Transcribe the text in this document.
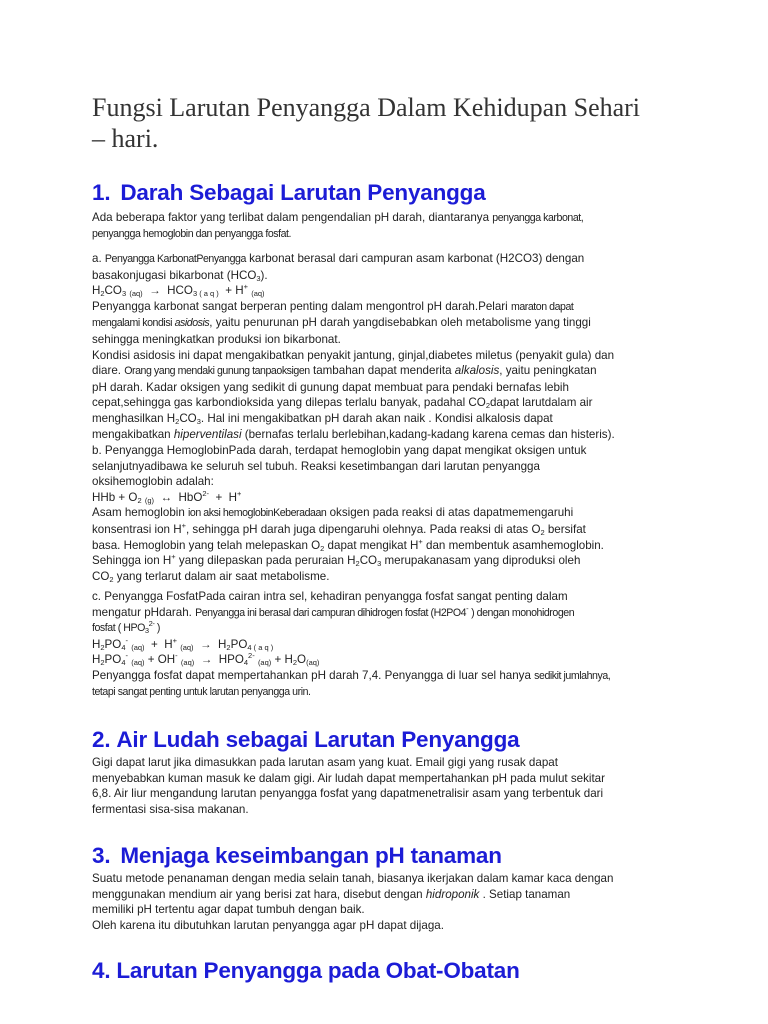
Fungsi Larutan Penyangga Dalam Kehidupan Sehari – hari.
1. Darah Sebagai Larutan Penyangga
Ada beberapa faktor yang terlibat dalam pengendalian pH darah, diantaranya penyangga karbonat,
penyangga hemoglobin dan penyangga fosfat.
a. Penyangga KarbonatPenyangga karbonat berasal dari campuran asam karbonat (H2CO3) dengan
basakonjugasi bikarbonat $(HCO_3)$.
$H_2CO_3$ $_{(aq)} \to HCO_{3 ( a q )} + H^+$ $_{(aq)}$
Penyangga karbonat sangat berperan penting dalam mengontrol pH darah.Pelari maraton dapat
mengalami kondisi asidosis, yaitu penurunan pH darah yangdisebabkan oleh metabolisme yang tinggi
sehingga meningkatkan produksi ion bikarbonat.
Kondisi asidosis ini dapat mengakibatkan penyakit jantung, ginjal,diabetes miletus (penyakit gula) dan
diare. Orang yang mendaki gunung tanpaoksigen tambahan dapat menderita alkalosis, yaitu peningkatan
pH darah. Kadar oksigen yang sedikit di gunung dapat membuat para pendaki bernafas lebih
cepat,sehingga gas karbondioksida yang dilepas terlalu banyak, padahal $CO_2dapat$ larutdalam air
menghasilkan $H_2CO_3$. Hal ini mengakibatkan pH darah akan naik . Kondisi alkalosis dapat
mengakibatkan hiperventilasi (bernafas terlalu berlebihan,kadang-kadang karena cemas dan histeris).
b. Penyangga HemoglobinPada darah, terdapat hemoglobin yang dapat mengikat oksigen untuk
selanjutnyadibawa ke seluruh sel tubuh. Reaksi kesetimbangan dari larutan penyangga
oksihemoglobin adalah:
HHb + $O_2$ $_{(g)}$  ↔  HbO$^{2-}$  +  H+
Asam hemoglobin ion aksi hemoglobinKeberadaan oksigen pada reaksi di atas dapatmemengaruhi
konsentrasi ion H+, sehingga pH darah juga dipengaruhi olehnya. Pada reaksi di atas $O_2$ bersifat
basa. Hemoglobin yang telah melepaskan $O_2$ dapat mengikat H+ dan membentuk asamhemoglobin.
Sehingga ion H+ yang dilepaskan pada peruraian $H_2CO_3$ merupakanasam yang diproduksi oleh
$CO_2$ yang terlarut dalam air saat metabolisme.
c. Penyangga FosfatPada cairan intra sel, kehadiran penyangga fosfat sangat penting dalam
mengatur pHdarah. Penyangga ini berasal dari campuran dihidrogen fosfat (H2PO4- ) dengan monohidrogen
fosfat ( $HPO_3^{2-}$ )
$H_2PO_4^-$ $_{(aq)}$  +  H+ $_{(aq)} \to H_2PO_{4 ( a q )}$
$H_2PO_4^-$ $_{(aq)}$ + OH- $_{(aq)} \to HPO_4^{2-}$ $_{(aq)} + H_2O_{(aq)}$
Penyangga fosfat dapat mempertahankan pH darah 7,4. Penyangga di luar sel hanya sedikit jumlahnya,
tetapi sangat penting untuk larutan penyangga urin.
2. Air Ludah sebagai Larutan Penyangga
Gigi dapat larut jika dimasukkan pada larutan asam yang kuat. Email gigi yang rusak dapat
menyebabkan kuman masuk ke dalam gigi. Air ludah dapat mempertahankan pH pada mulut sekitar
6,8. Air liur mengandung larutan penyangga fosfat yang dapatmenetralisir asam yang terbentuk dari
fermentasi sisa-sisa makanan.
3. Menjaga keseimbangan pH tanaman
Suatu metode penanaman dengan media selain tanah, biasanya ikerjakan dalam kamar kaca dengan
menggunakan mendium air yang berisi zat hara, disebut dengan hidroponik . Setiap tanaman
memiliki pH tertentu agar dapat tumbuh dengan baik.
Oleh karena itu dibutuhkan larutan penyangga agar pH dapat dijaga.
4. Larutan Penyangga pada Obat-Obatan
